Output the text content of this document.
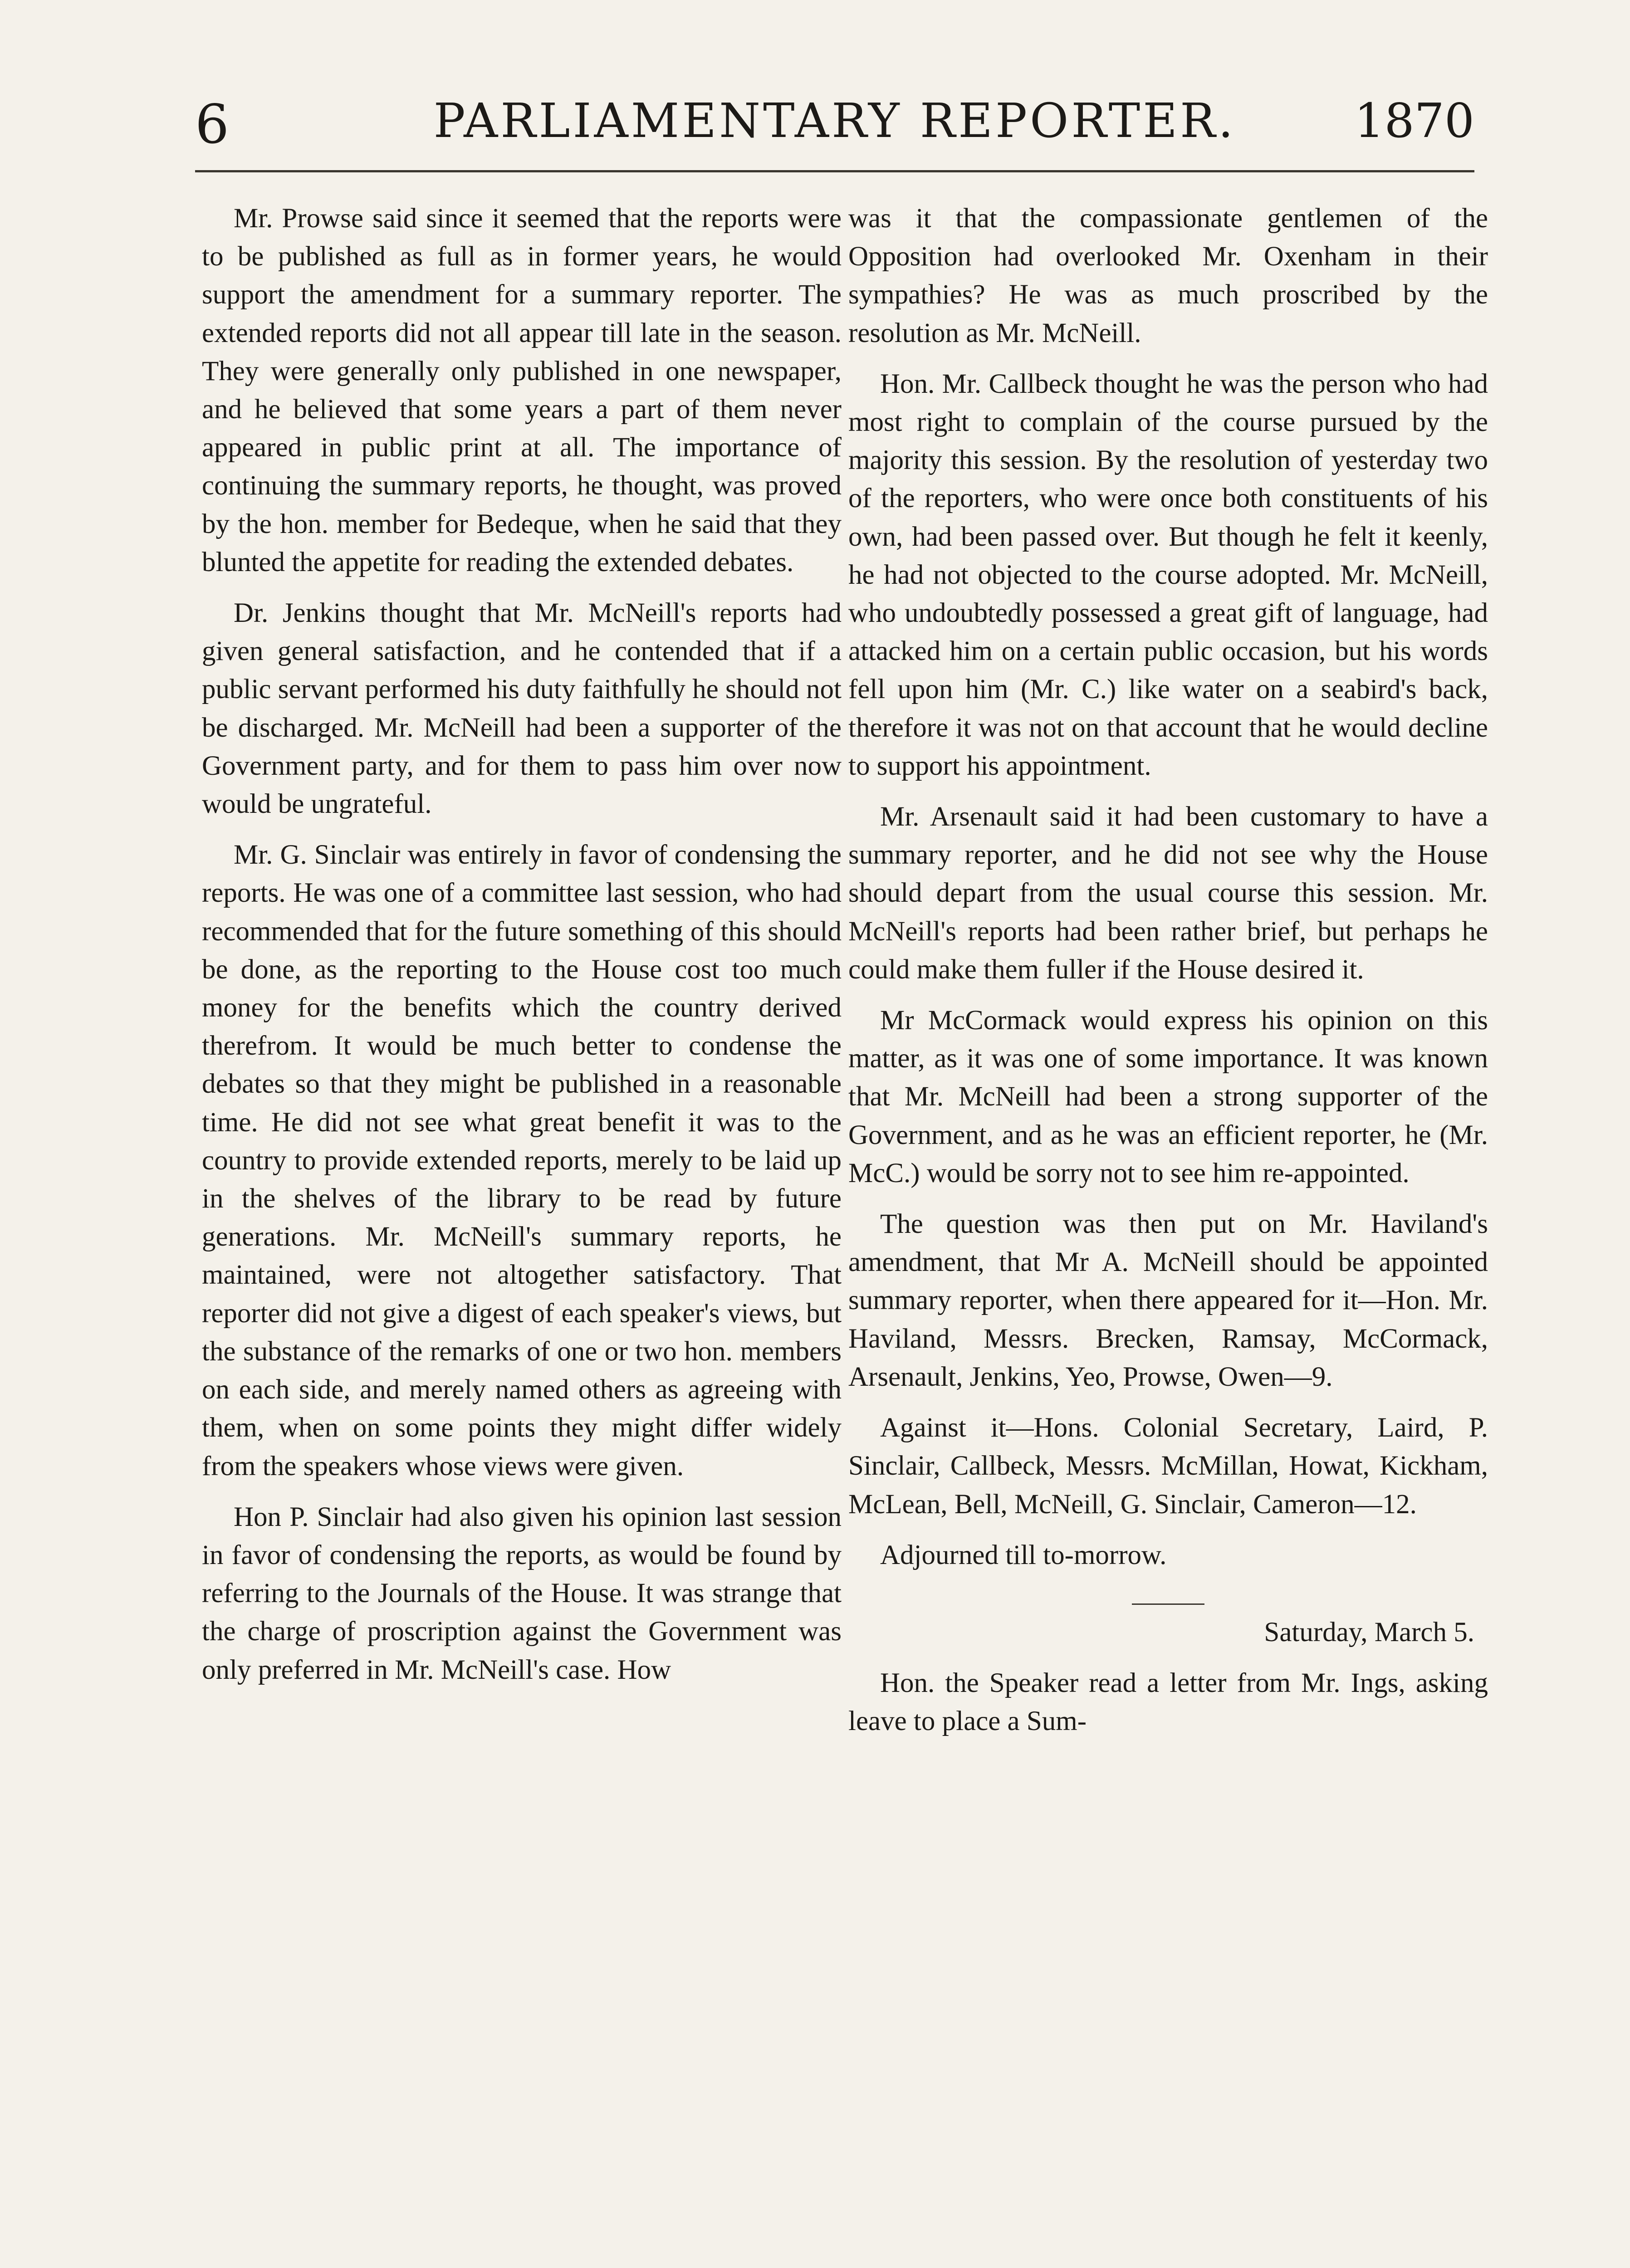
6	PARLIAMENTARY REPORTER.	1870

Mr. Prowse said since it seemed that the reports were to be published as full as in former years, he would support the amendment for a summary reporter. The extended reports did not all appear till late in the season. They were generally only published in one newspaper, and he believed that some years a part of them never appeared in public print at all. The importance of continuing the summary reports, he thought, was proved by the hon. member for Bedeque, when he said that they blunted the appetite for reading the extended debates.

Dr. Jenkins thought that Mr. McNeill's reports had given general satisfaction, and he contended that if a public servant performed his duty faithfully he should not be discharged. Mr. McNeill had been a supporter of the Government party, and for them to pass him over now would be ungrateful.

Mr. G. Sinclair was entirely in favor of condensing the reports. He was one of a committee last session, who had recommended that for the future something of this should be done, as the reporting to the House cost too much money for the benefits which the country derived therefrom. It would be much better to condense the debates so that they might be published in a reasonable time. He did not see what great benefit it was to the country to provide extended reports, merely to be laid up in the shelves of the library to be read by future generations. Mr. McNeill's summary reports, he maintained, were not altogether satisfactory. That reporter did not give a digest of each speaker's views, but the substance of the remarks of one or two hon. members on each side, and merely named others as agreeing with them, when on some points they might differ widely from the speakers whose views were given.

Hon P. Sinclair had also given his opinion last session in favor of condensing the reports, as would be found by referring to the Journals of the House. It was strange that the charge of proscription against the Government was only preferred in Mr. McNeill's case. How

was it that the compassionate gentlemen of the Opposition had overlooked Mr. Oxenham in their sympathies? He was as much proscribed by the resolution as Mr. McNeill.

Hon. Mr. Callbeck thought he was the person who had most right to complain of the course pursued by the majority this session. By the resolution of yesterday two of the reporters, who were once both constituents of his own, had been passed over. But though he felt it keenly, he had not objected to the course adopted. Mr. McNeill, who undoubtedly possessed a great gift of language, had attacked him on a certain public occasion, but his words fell upon him (Mr. C.) like water on a seabird's back, therefore it was not on that account that he would decline to support his appointment.

Mr. Arsenault said it had been customary to have a summary reporter, and he did not see why the House should depart from the usual course this session. Mr. McNeill's reports had been rather brief, but perhaps he could make them fuller if the House desired it.

Mr McCormack would express his opinion on this matter, as it was one of some importance. It was known that Mr. McNeill had been a strong supporter of the Government, and as he was an efficient reporter, he (Mr. McC.) would be sorry not to see him re-appointed.

The question was then put on Mr. Haviland's amendment, that Mr A. McNeill should be appointed summary reporter, when there appeared for it—Hon. Mr. Haviland, Messrs. Brecken, Ramsay, McCormack, Arsenault, Jenkins, Yeo, Prowse, Owen—9.

Against it—Hons. Colonial Secretary, Laird, P. Sinclair, Callbeck, Messrs. McMillan, Howat, Kickham, McLean, Bell, McNeill, G. Sinclair, Cameron—12.

Adjourned till to-morrow.

Saturday, March 5.

Hon. the Speaker read a letter from Mr. Ings, asking leave to place a Sum-
